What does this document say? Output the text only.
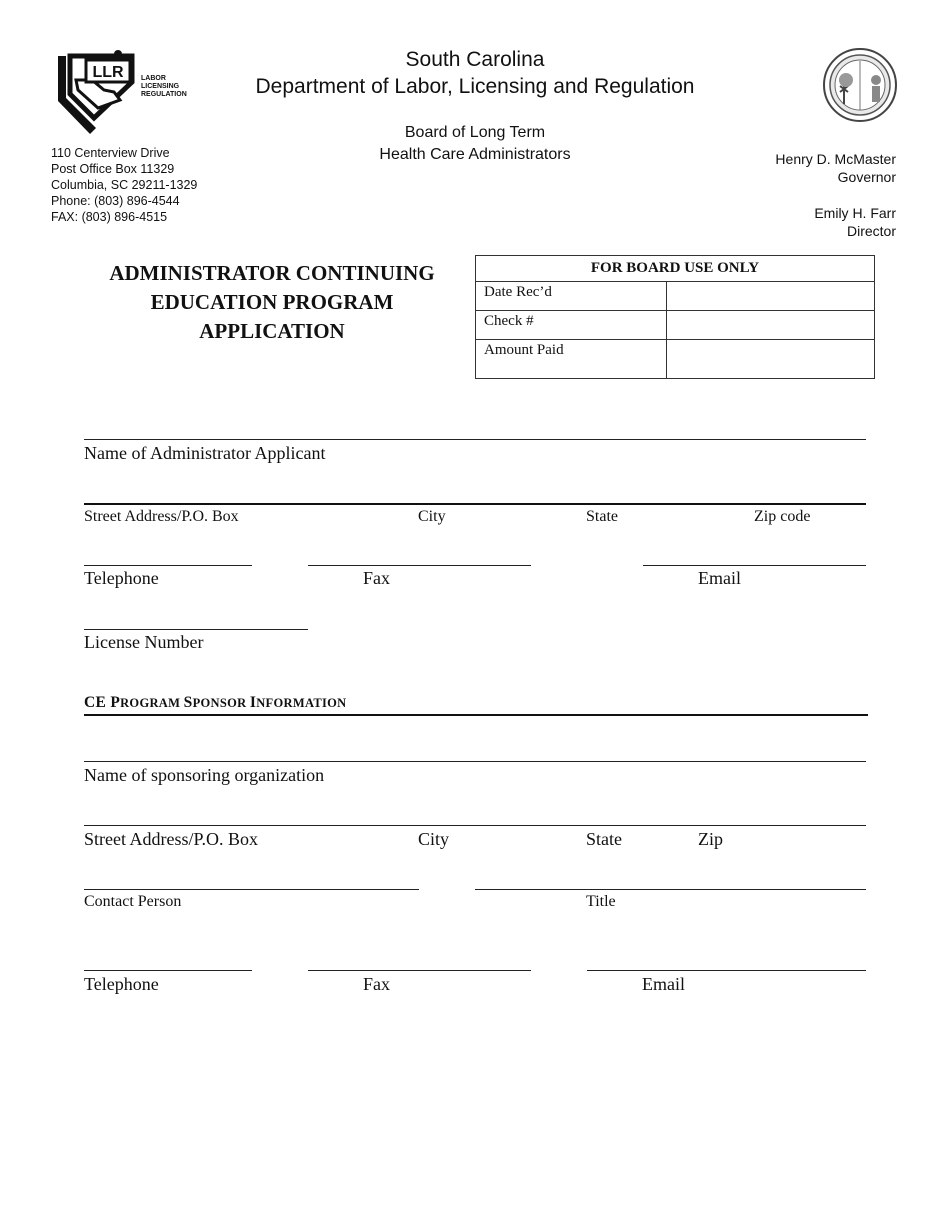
LLR LABOR
LICENSING
REGULATION
South Carolina
Department of Labor, Licensing and Regulation
Board of Long Term
Health Care Administrators
110 Centerview Drive
Post Office Box 11329
Columbia, SC 29211-1329
Phone: (803) 896-4544
FAX: (803) 896-4515
Henry D. McMaster
Governor
Emily H. Farr
Director
ADMINISTRATOR CONTINUING
EDUCATION PROGRAM
APPLICATION
FOR BOARD USE ONLY	
Date Rec’d	
Check #	
Amount Paid	
Name of Administrator Applicant
Street Address/P.O. Box	City	State	Zip code
Telephone	Fax	Email
License Number
CE PROGRAM SPONSOR INFORMATION
Name of sponsoring organization
Street Address/P.O. Box	City	State	Zip
Contact Person	Title
Telephone	Fax	Email
